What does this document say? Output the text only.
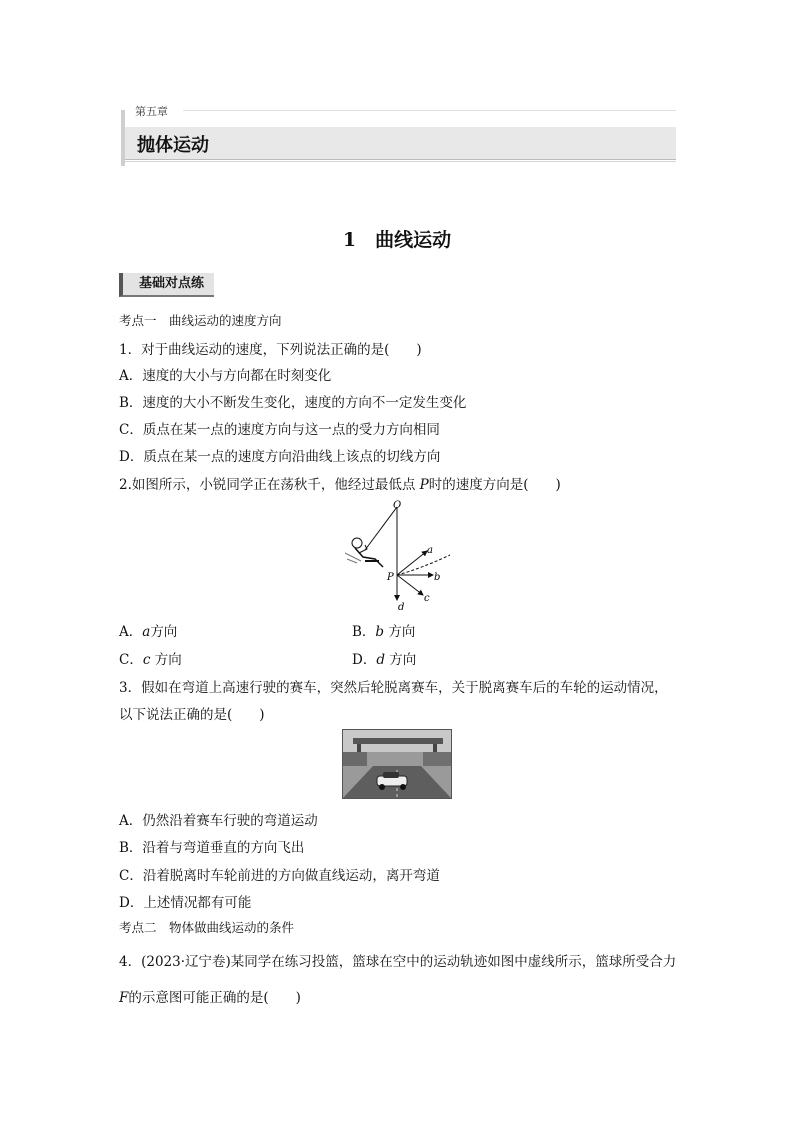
第五章
抛体运动
1　曲线运动
基础对点练
考点一　曲线运动的速度方向
1．对于曲线运动的速度，下列说法正确的是(　　)
A．速度的大小与方向都在时刻变化
B．速度的大小不断发生变化，速度的方向不一定发生变化
C．质点在某一点的速度方向与这一点的受力方向相同
D．质点在某一点的速度方向沿曲线上该点的切线方向
2.如图所示，小锐同学正在荡秋千，他经过最低点 P时的速度方向是(　　)
O
P
a
b
c
d
A．a方向	B．b 方向
C．c 方向	D．d 方向
3．假如在弯道上高速行驶的赛车，突然后轮脱离赛车，关于脱离赛车后的车轮的运动情况，
以下说法正确的是(　　)
A．仍然沿着赛车行驶的弯道运动
B．沿着与弯道垂直的方向飞出
C．沿着脱离时车轮前进的方向做直线运动，离开弯道
D．上述情况都有可能
考点二　物体做曲线运动的条件
4．(2023·辽宁卷)某同学在练习投篮，篮球在空中的运动轨迹如图中虚线所示，篮球所受合力
F的示意图可能正确的是(　　)
